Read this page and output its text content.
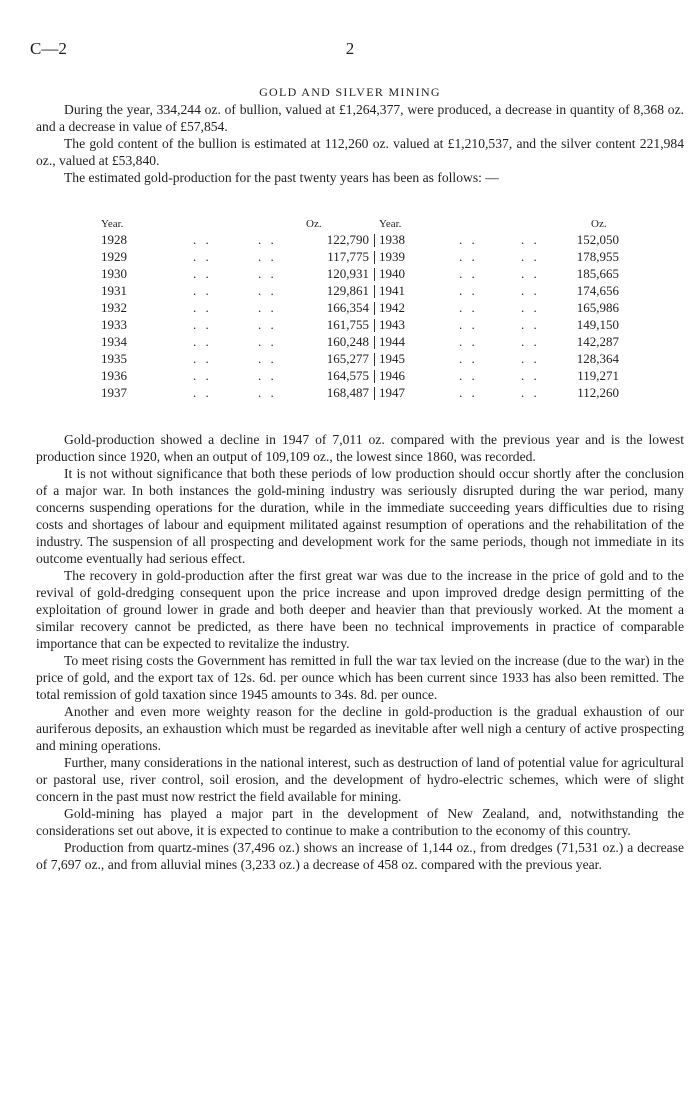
C—2	2
GOLD AND SILVER MINING

During the year, 334,244 oz. of bullion, valued at £1,264,377, were produced, a decrease in quantity of 8,368 oz. and a decrease in value of £57,854.

The gold content of the bullion is estimated at 112,260 oz. valued at £1,210,537, and the silver content 221,984 oz., valued at £53,840.

The estimated gold-production for the past twenty years has been as follows: —

Year.	Oz.	Year.	Oz.
1928	. .	. .	122,790 1938	. .	. .	152,050
1929	. .	. .	117,775 1939	. .	. .	178,955
1930	. .	. .	120,931 1940	. .	. .	185,665
1931	. .	. .	129,861 1941	. .	. .	174,656
1932	. .	. .	166,354 1942	. .	. .	165,986
1933	. .	. .	161,755 1943	. .	. .	149,150
1934	. .	. .	160,248 1944	. .	. .	142,287
1935	. .	. .	165,277 1945	. .	. .	128,364
1936	. .	. .	164,575 1946	. .	. .	119,271
1937	. .	. .	168,487 1947	. .	. .	112,260

Gold-production showed a decline in 1947 of 7,011 oz. compared with the previous year and is the lowest production since 1920, when an output of 109,109 oz., the lowest since 1860, was recorded.

It is not without significance that both these periods of low production should occur shortly after the conclusion of a major war. In both instances the gold-mining industry was seriously disrupted during the war period, many concerns suspending operations for the duration, while in the immediate succeeding years difficulties due to rising costs and shortages of labour and equipment militated against resumption of operations and the rehabilitation of the industry. The suspension of all prospecting and development work for the same periods, though not immediate in its outcome eventually had serious effect.

The recovery in gold-production after the first great war was due to the increase in the price of gold and to the revival of gold-dredging consequent upon the price increase and upon improved dredge design permitting of the exploitation of ground lower in grade and both deeper and heavier than that previously worked. At the moment a similar recovery cannot be predicted, as there have been no technical improvements in practice of comparable importance that can be expected to revitalize the industry.

To meet rising costs the Government has remitted in full the war tax levied on the increase (due to the war) in the price of gold, and the export tax of 12s. 6d. per ounce which has been current since 1933 has also been remitted. The total remission of gold taxation since 1945 amounts to 34s. 8d. per ounce.

Another and even more weighty reason for the decline in gold-production is the gradual exhaustion of our auriferous deposits, an exhaustion which must be regarded as inevitable after well nigh a century of active prospecting and mining operations.

Further, many considerations in the national interest, such as destruction of land of potential value for agricultural or pastoral use, river control, soil erosion, and the development of hydro-electric schemes, which were of slight concern in the past must now restrict the field available for mining.

Gold-mining has played a major part in the development of New Zealand, and, notwithstanding the considerations set out above, it is expected to continue to make a contribution to the economy of this country.

Production from quartz-mines (37,496 oz.) shows an increase of 1,144 oz., from dredges (71,531 oz.) a decrease of 7,697 oz., and from alluvial mines (3,233 oz.) a decrease of 458 oz. compared with the previous year.
